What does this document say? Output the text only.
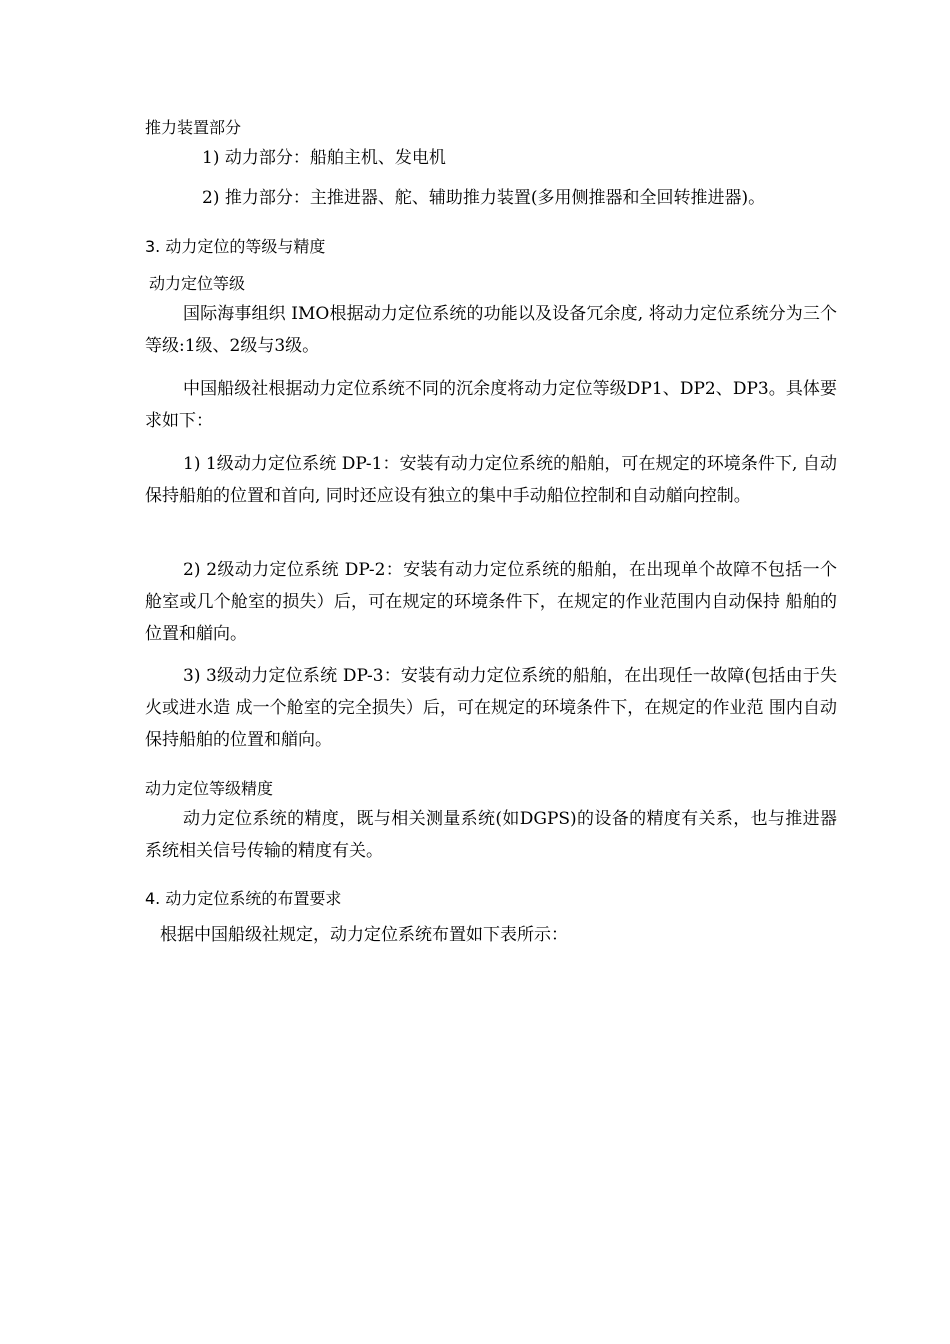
推力装置部分
1) 动力部分：船舶主机、发电机
2) 推力部分：主推进器、舵、辅助推力装置(多用侧推器和全回转推进器)。
3. 动力定位的等级与精度
动力定位等级
国际海事组织 IMO根据动力定位系统的功能以及设备冗余度, 将动力定位系统分为三个等级:1级、2级与3级。
中国船级社根据动力定位系统不同的沉余度将动力定位等级DP1、DP2、DP3。具体要求如下：
1) 1级动力定位系统 DP-1：安装有动力定位系统的船舶，可在规定的环境条件下, 自动保持船舶的位置和首向, 同时还应设有独立的集中手动船位控制和自动艏向控制。
2) 2级动力定位系统 DP-2：安装有动力定位系统的船舶，在出现单个故障不包括一个舱室或几个舱室的损失）后，可在规定的环境条件下，在规定的作业范围内自动保持 船舶的位置和艏向。
3) 3级动力定位系统 DP-3：安装有动力定位系统的船舶，在出现任一故障(包括由于失火或进水造 成一个舱室的完全损失）后，可在规定的环境条件下，在规定的作业范 围内自动保持船舶的位置和艏向。
动力定位等级精度
动力定位系统的精度，既与相关测量系统(如DGPS)的设备的精度有关系，也与推进器系统相关信号传输的精度有关。
4. 动力定位系统的布置要求
根据中国船级社规定，动力定位系统布置如下表所示：
